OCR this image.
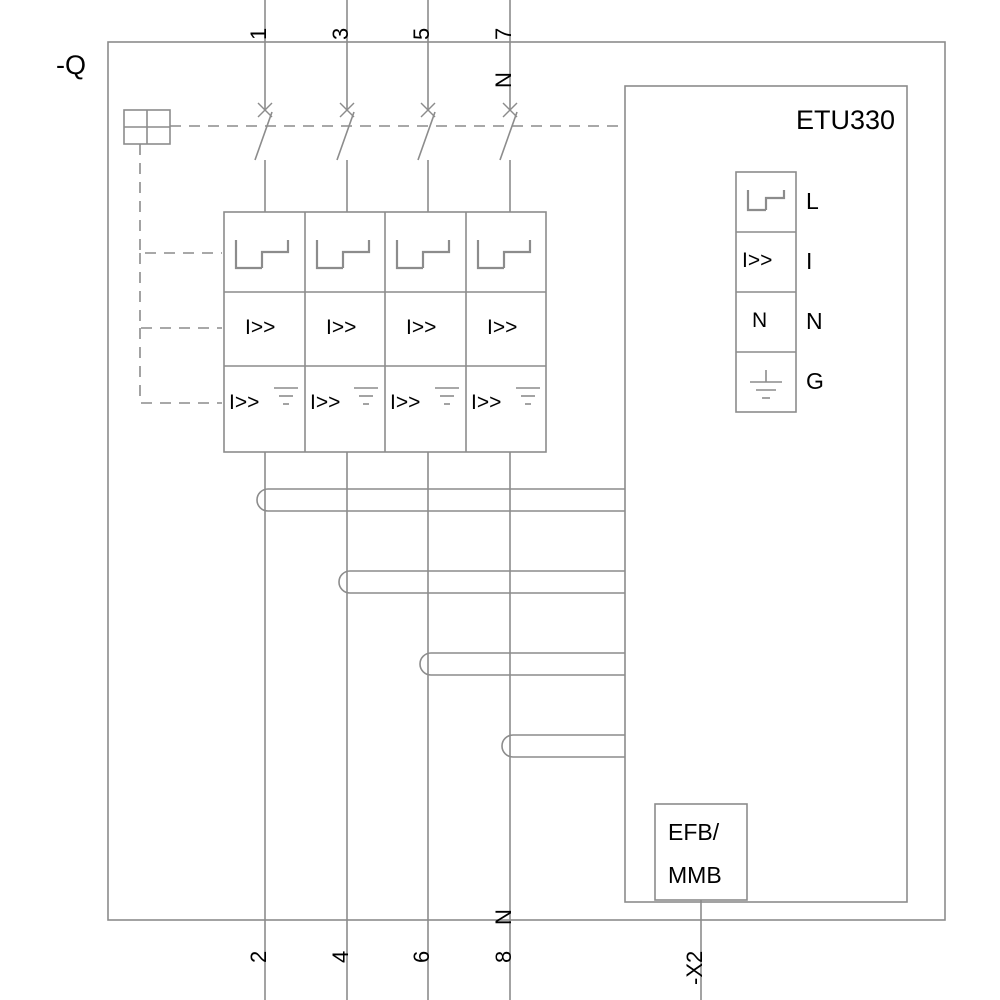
1	3	5	7
N
-Q
ETU330
I>> I>> I>> I>>
I>> I>> I>> I>>
I>>
N
L
I
N
G
EFB/
MMB
N
2	4	6	8	-X2
